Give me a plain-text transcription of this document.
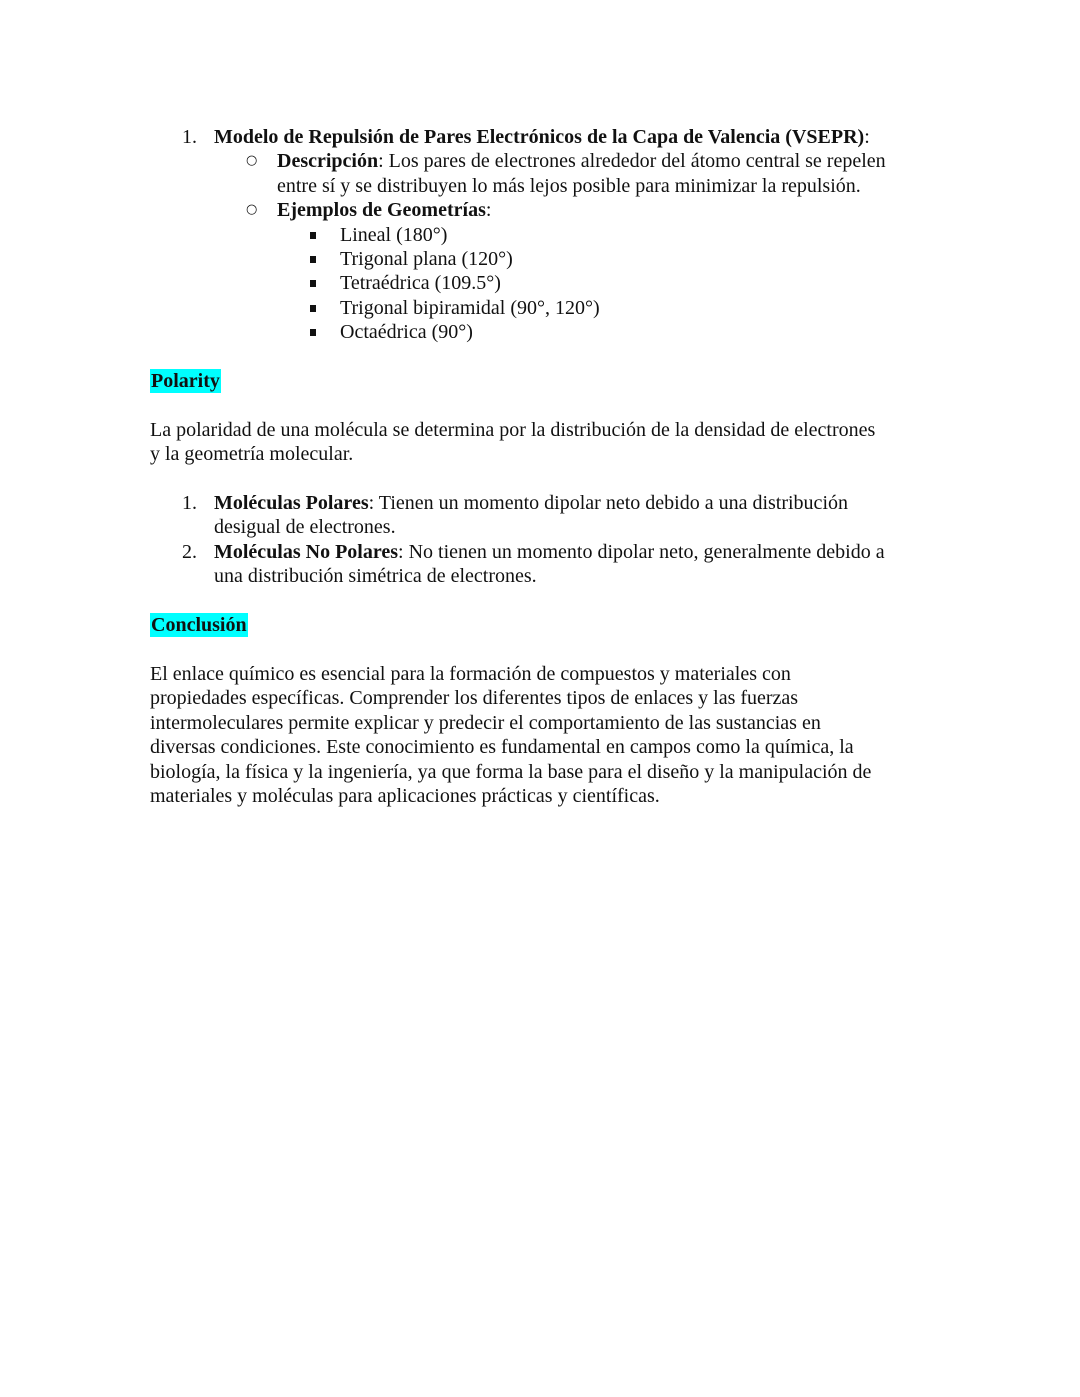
1. Modelo de Repulsión de Pares Electrónicos de la Capa de Valencia (VSEPR):
○ Descripción: Los pares de electrones alrededor del átomo central se repelen
entre sí y se distribuyen lo más lejos posible para minimizar la repulsión.
○ Ejemplos de Geometrías:
Lineal (180°)
Trigonal plana (120°)
Tetraédrica (109.5°)
Trigonal bipiramidal (90°, 120°)
Octaédrica (90°)
Polarity

La polaridad de una molécula se determina por la distribución de la densidad de electrones
y la geometría molecular.

1. Moléculas Polares: Tienen un momento dipolar neto debido a una distribución
desigual de electrones.
2. Moléculas No Polares: No tienen un momento dipolar neto, generalmente debido a
una distribución simétrica de electrones.
Conclusión

El enlace químico es esencial para la formación de compuestos y materiales con
propiedades específicas. Comprender los diferentes tipos de enlaces y las fuerzas
intermoleculares permite explicar y predecir el comportamiento de las sustancias en
diversas condiciones. Este conocimiento es fundamental en campos como la química, la
biología, la física y la ingeniería, ya que forma la base para el diseño y la manipulación de
materiales y moléculas para aplicaciones prácticas y científicas.
